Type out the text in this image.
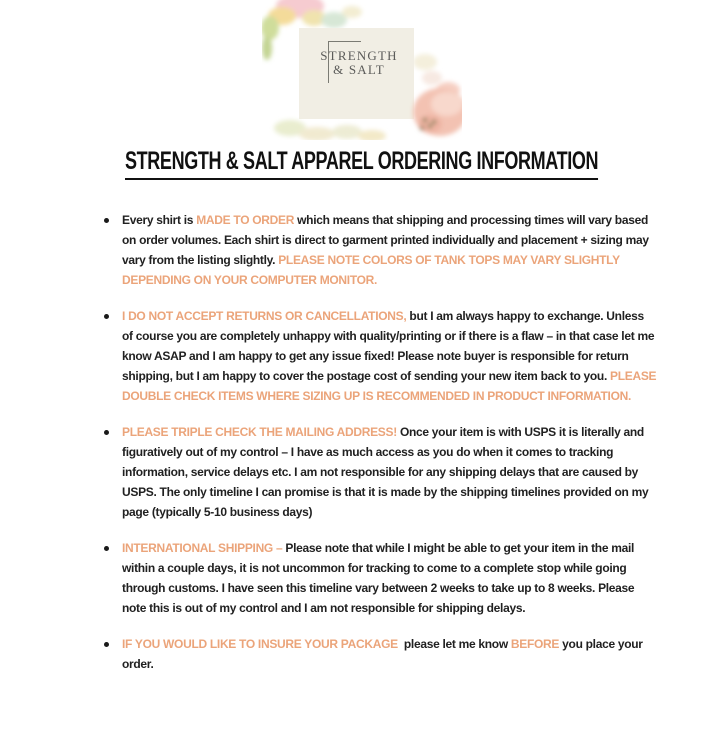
STRENGTH
& SALT
STRENGTH & SALT APPAREL ORDERING INFORMATION
Every shirt is MADE TO ORDER which means that shipping and processing times will vary based on order volumes. Each shirt is direct to garment printed individually and placement + sizing may vary from the listing slightly. PLEASE NOTE COLORS OF TANK TOPS MAY VARY SLIGHTLY DEPENDING ON YOUR COMPUTER MONITOR.
I DO NOT ACCEPT RETURNS OR CANCELLATIONS, but I am always happy to exchange. Unless of course you are completely unhappy with quality/printing or if there is a flaw – in that case let me know ASAP and I am happy to get any issue fixed! Please note buyer is responsible for return shipping, but I am happy to cover the postage cost of sending your new item back to you. PLEASE DOUBLE CHECK ITEMS WHERE SIZING UP IS RECOMMENDED IN PRODUCT INFORMATION.
PLEASE TRIPLE CHECK THE MAILING ADDRESS! Once your item is with USPS it is literally and figuratively out of my control – I have as much access as you do when it comes to tracking information, service delays etc. I am not responsible for any shipping delays that are caused by USPS. The only timeline I can promise is that it is made by the shipping timelines provided on my page (typically 5-10 business days)
INTERNATIONAL SHIPPING – Please note that while I might be able to get your item in the mail within a couple days, it is not uncommon for tracking to come to a complete stop while going through customs. I have seen this timeline vary between 2 weeks to take up to 8 weeks. Please note this is out of my control and I am not responsible for shipping delays.
IF YOU WOULD LIKE TO INSURE YOUR PACKAGE  please let me know BEFORE you place your order.
